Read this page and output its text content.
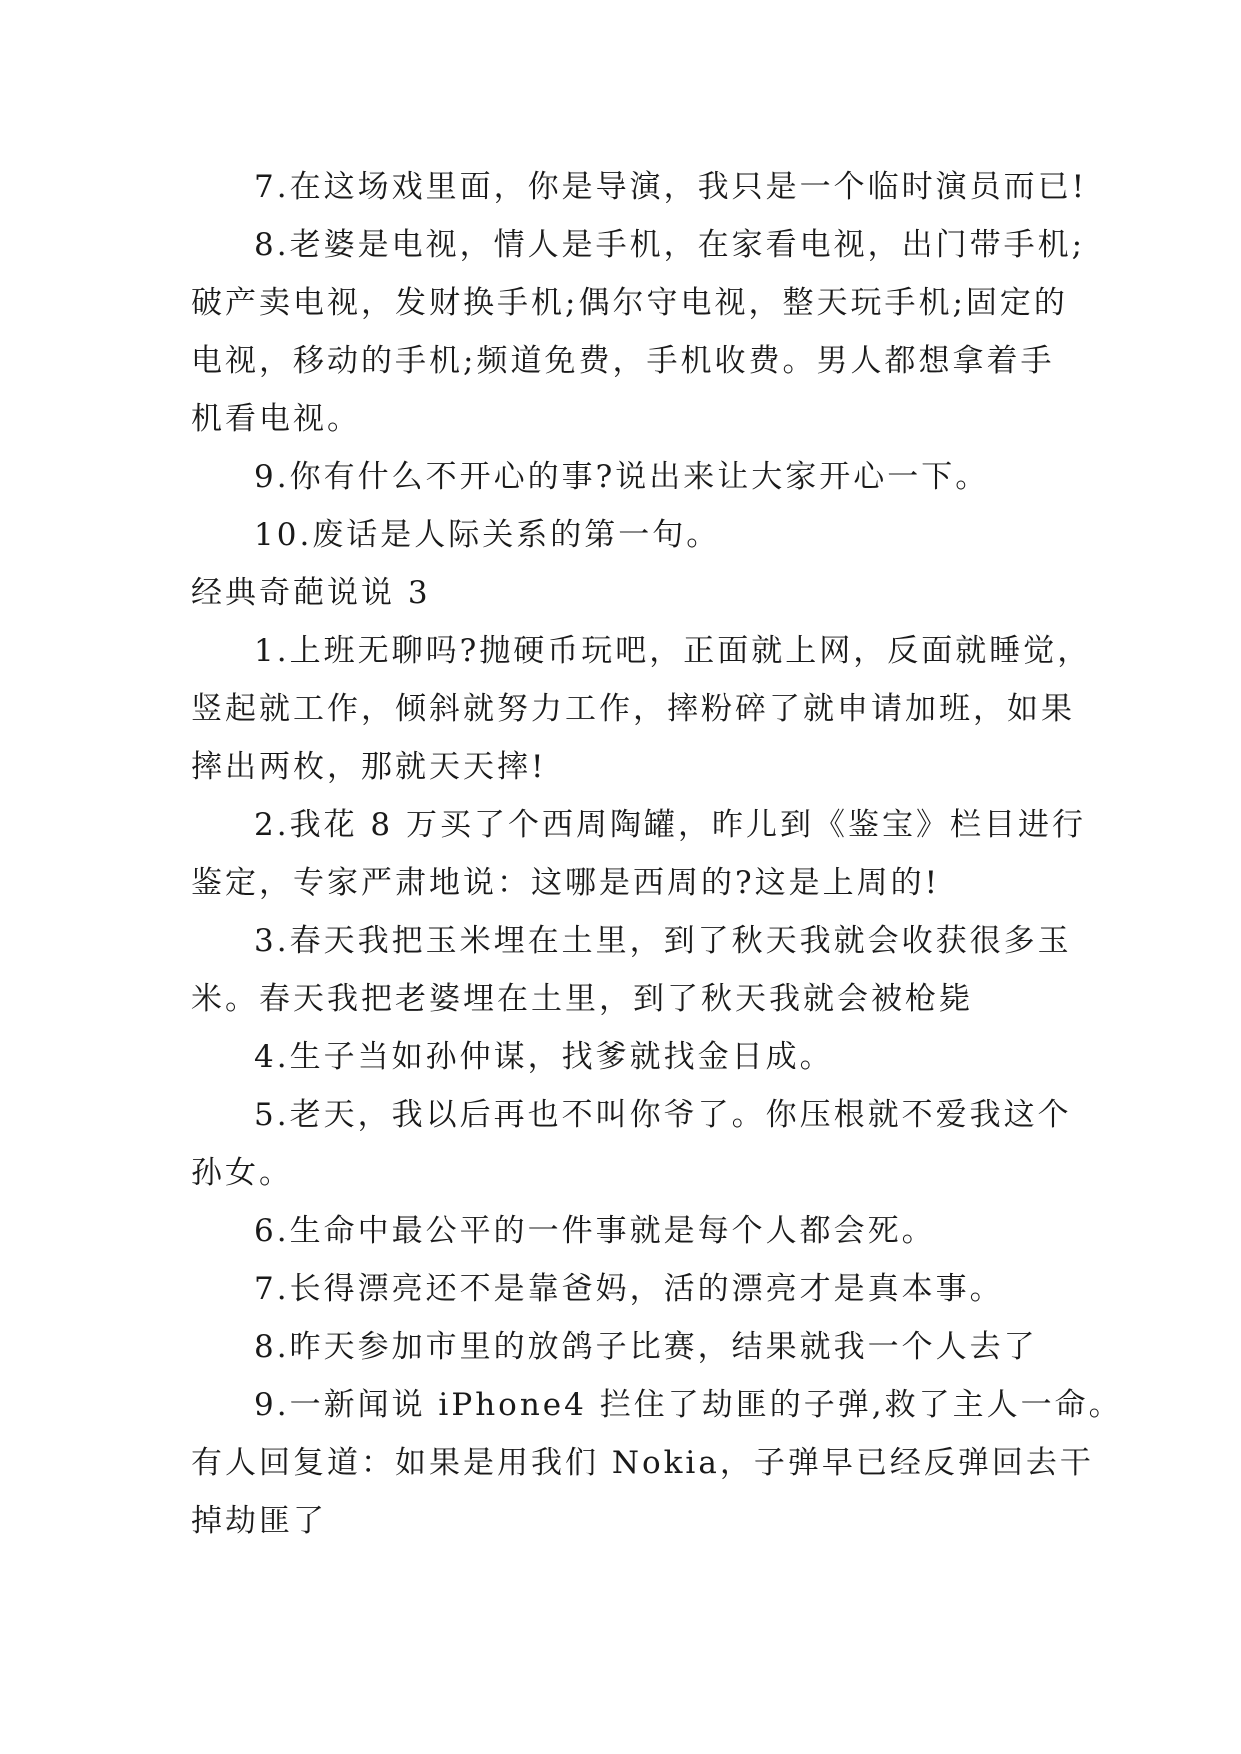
7.在这场戏里面，你是导演，我只是一个临时演员而已!
8.老婆是电视，情人是手机，在家看电视，出门带手机;
破产卖电视，发财换手机;偶尔守电视，整天玩手机;固定的
电视，移动的手机;频道免费，手机收费。男人都想拿着手
机看电视。
9.你有什么不开心的事?说出来让大家开心一下。
10.废话是人际关系的第一句。
经典奇葩说说 3
1.上班无聊吗?抛硬币玩吧，正面就上网，反面就睡觉，
竖起就工作，倾斜就努力工作，摔粉碎了就申请加班，如果
摔出两枚，那就天天摔!
2.我花 8 万买了个西周陶罐，昨儿到《鉴宝》栏目进行
鉴定，专家严肃地说：这哪是西周的?这是上周的!
3.春天我把玉米埋在土里，到了秋天我就会收获很多玉
米。春天我把老婆埋在土里，到了秋天我就会被枪毙
4.生子当如孙仲谋，找爹就找金日成。
5.老天，我以后再也不叫你爷了。你压根就不爱我这个
孙女。
6.生命中最公平的一件事就是每个人都会死。
7.长得漂亮还不是靠爸妈，活的漂亮才是真本事。
8.昨天参加市里的放鸽子比赛，结果就我一个人去了
9.一新闻说 iPhone4 拦住了劫匪的子弹,救了主人一命。
有人回复道：如果是用我们 Nokia，子弹早已经反弹回去干
掉劫匪了
